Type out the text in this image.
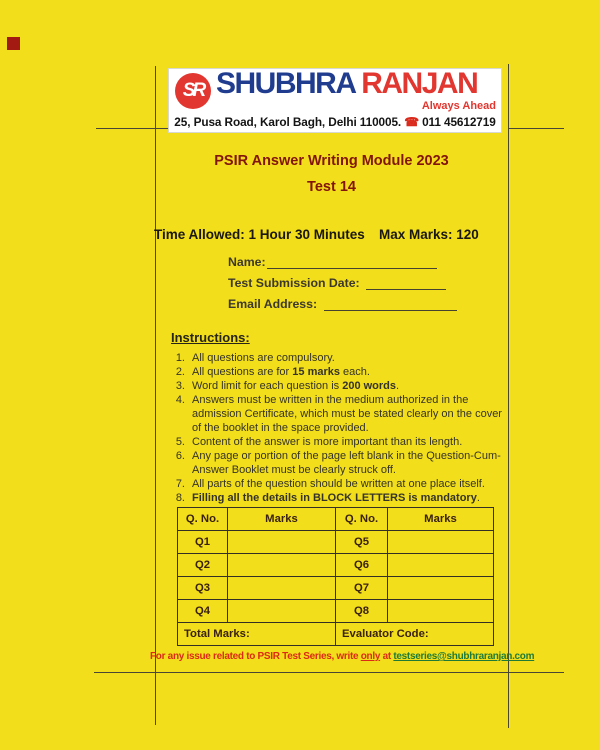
SR SHUBHRA RANJAN
Always Ahead
25, Pusa Road, Karol Bagh, Delhi 110005. ☎ 011 45612719
PSIR Answer Writing Module 2023
Test 14
Time Allowed: 1 Hour 30 Minutes Max Marks: 120
Name:
Test Submission Date:
Email Address:
Instructions:
1. All questions are compulsory.
2. All questions are for 15 marks each.
3. Word limit for each question is 200 words.
4. Answers must be written in the medium authorized in the admission Certificate, which must be stated clearly on the cover of the booklet in the space provided.
5. Content of the answer is more important than its length.
6. Any page or portion of the page left blank in the Question-Cum-Answer Booklet must be clearly struck off.
7. All parts of the question should be written at one place itself.
8. Filling all the details in BLOCK LETTERS is mandatory.
Q. No.	Marks	Q. No.	Marks
Q1		Q5	
Q2		Q6	
Q3		Q7	
Q4		Q8	
Total Marks:		Evaluator Code:	
For any issue related to PSIR Test Series, write only at testseries@shubhraranjan.com
